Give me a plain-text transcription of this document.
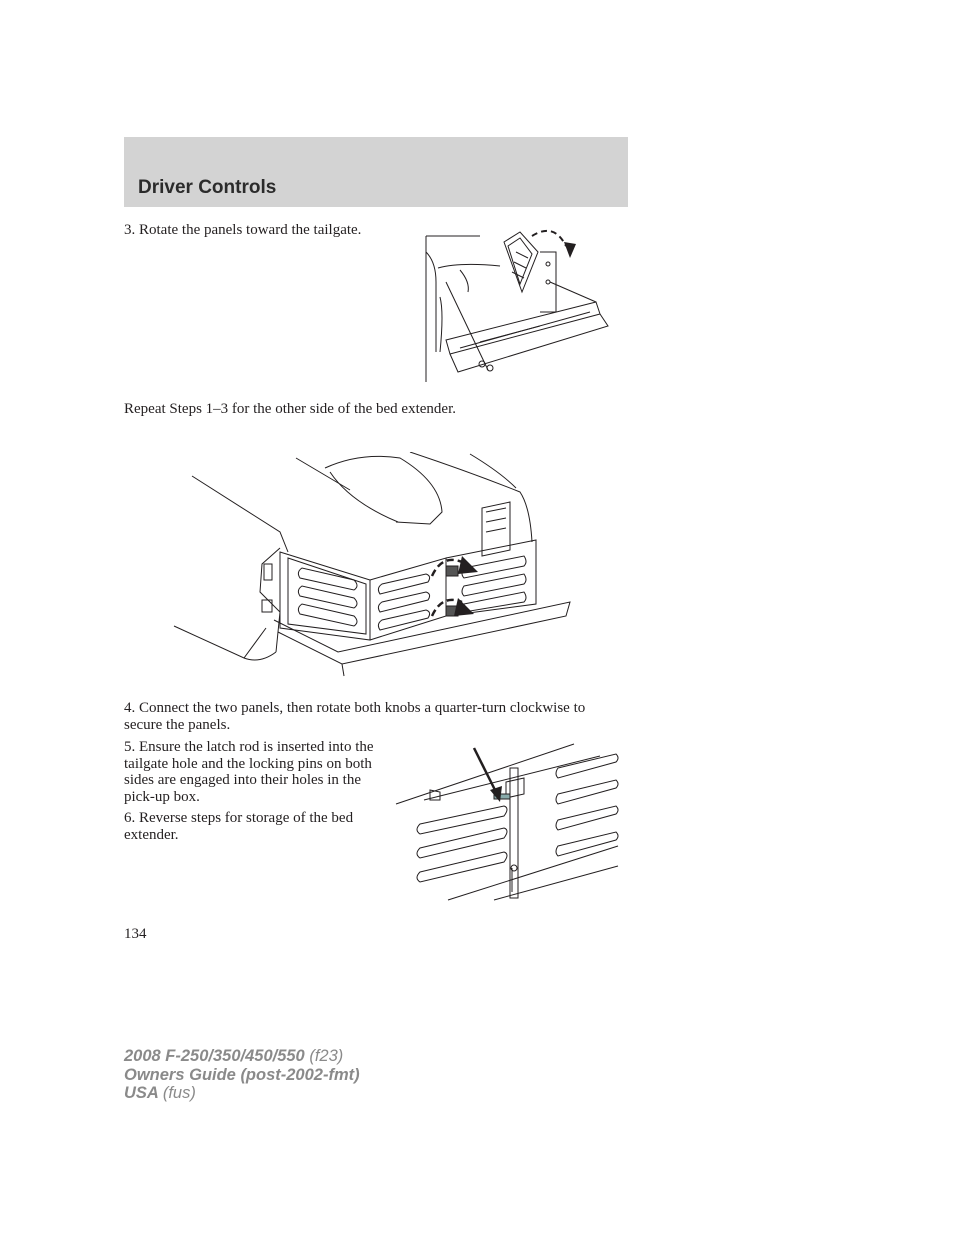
Driver Controls

3. Rotate the panels toward the tailgate.

Repeat Steps 1–3 for the other side of the bed extender.

4. Connect the two panels, then rotate both knobs a quarter-turn clockwise to secure the panels.

5. Ensure the latch rod is inserted into the tailgate hole and the locking pins on both sides are engaged into their holes in the pick-up box.

6. Reverse steps for storage of the bed extender.

134

2008 F-250/350/450/550 (f23)
Owners Guide (post-2002-fmt)
USA (fus)
